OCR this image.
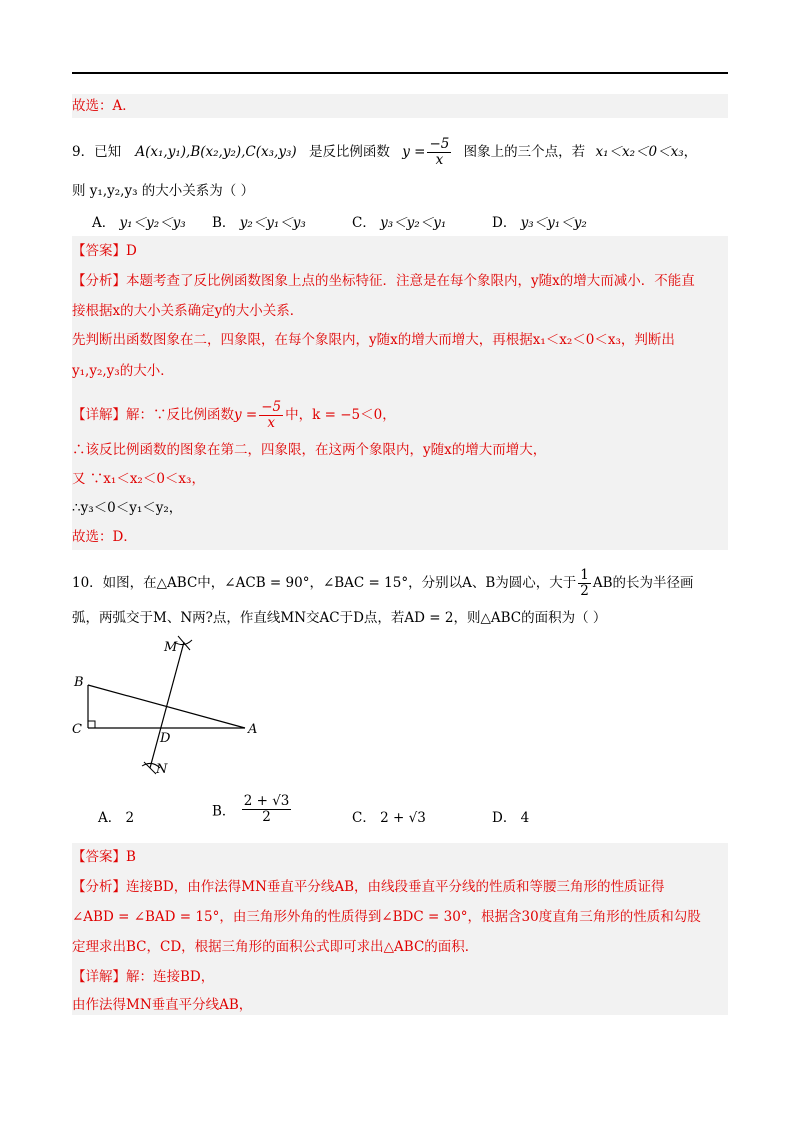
故选：A．
9．已知 A(x₁,y₁),B(x₂,y₂),C(x₃,y₃) 是反比例函数 $y = \frac{-5}{x}$ 图象上的三个点，若 x₁＜x₂＜0＜x₃，
则 y₁,y₂,y₃ 的大小关系为（ ）
A． y₁＜y₂＜y₃ B． y₂＜y₁＜y₃	C． y₃＜y₂＜y₁	D． y₃＜y₁＜y₂
【答案】D
【分析】本题考查了反比例函数图象上点的坐标特征．注意是在每个象限内，y随x的增大而减小．不能直
接根据x的大小关系确定y的大小关系．
先判断出函数图象在二，四象限，在每个象限内，y随x的增大而增大，再根据x₁＜x₂＜0＜x₃，判断出
y₁,y₂,y₃的大小．
【详解】解：∵反比例函数$y = \frac{-5}{x}$ 中，k = −5＜0，
∴该反比例函数的图象在第二，四象限，在这两个象限内，y随x的增大而增大，
又 ∵x₁＜x₂＜0＜x₃，
∴y₃＜0＜y₁＜y₂，
故选：D．
10．如图，在△ABC中，∠ACB = 90°，∠BAC = 15°，分别以A、B为圆心，大于 $\frac{1}{2}$ AB的长为半径画
弧，两弧交于M、N两?点，作直线MN交AC于D点，若AD = 2，则△ABC的面积为（ ）
M
B
C
D
A
N
A． 2	B． $\frac{2 + √3}{2}$	C． 2 + √3	D． 4
【答案】B
【分析】连接BD，由作法得MN垂直平分线AB，由线段垂直平分线的性质和等腰三角形的性质证得
∠ABD = ∠BAD = 15°，由三角形外角的性质得到∠BDC = 30°，根据含30度直角三角形的性质和勾股
定理求出BC，CD，根据三角形的面积公式即可求出△ABC的面积．
【详解】解：连接BD，
由作法得MN垂直平分线AB，
